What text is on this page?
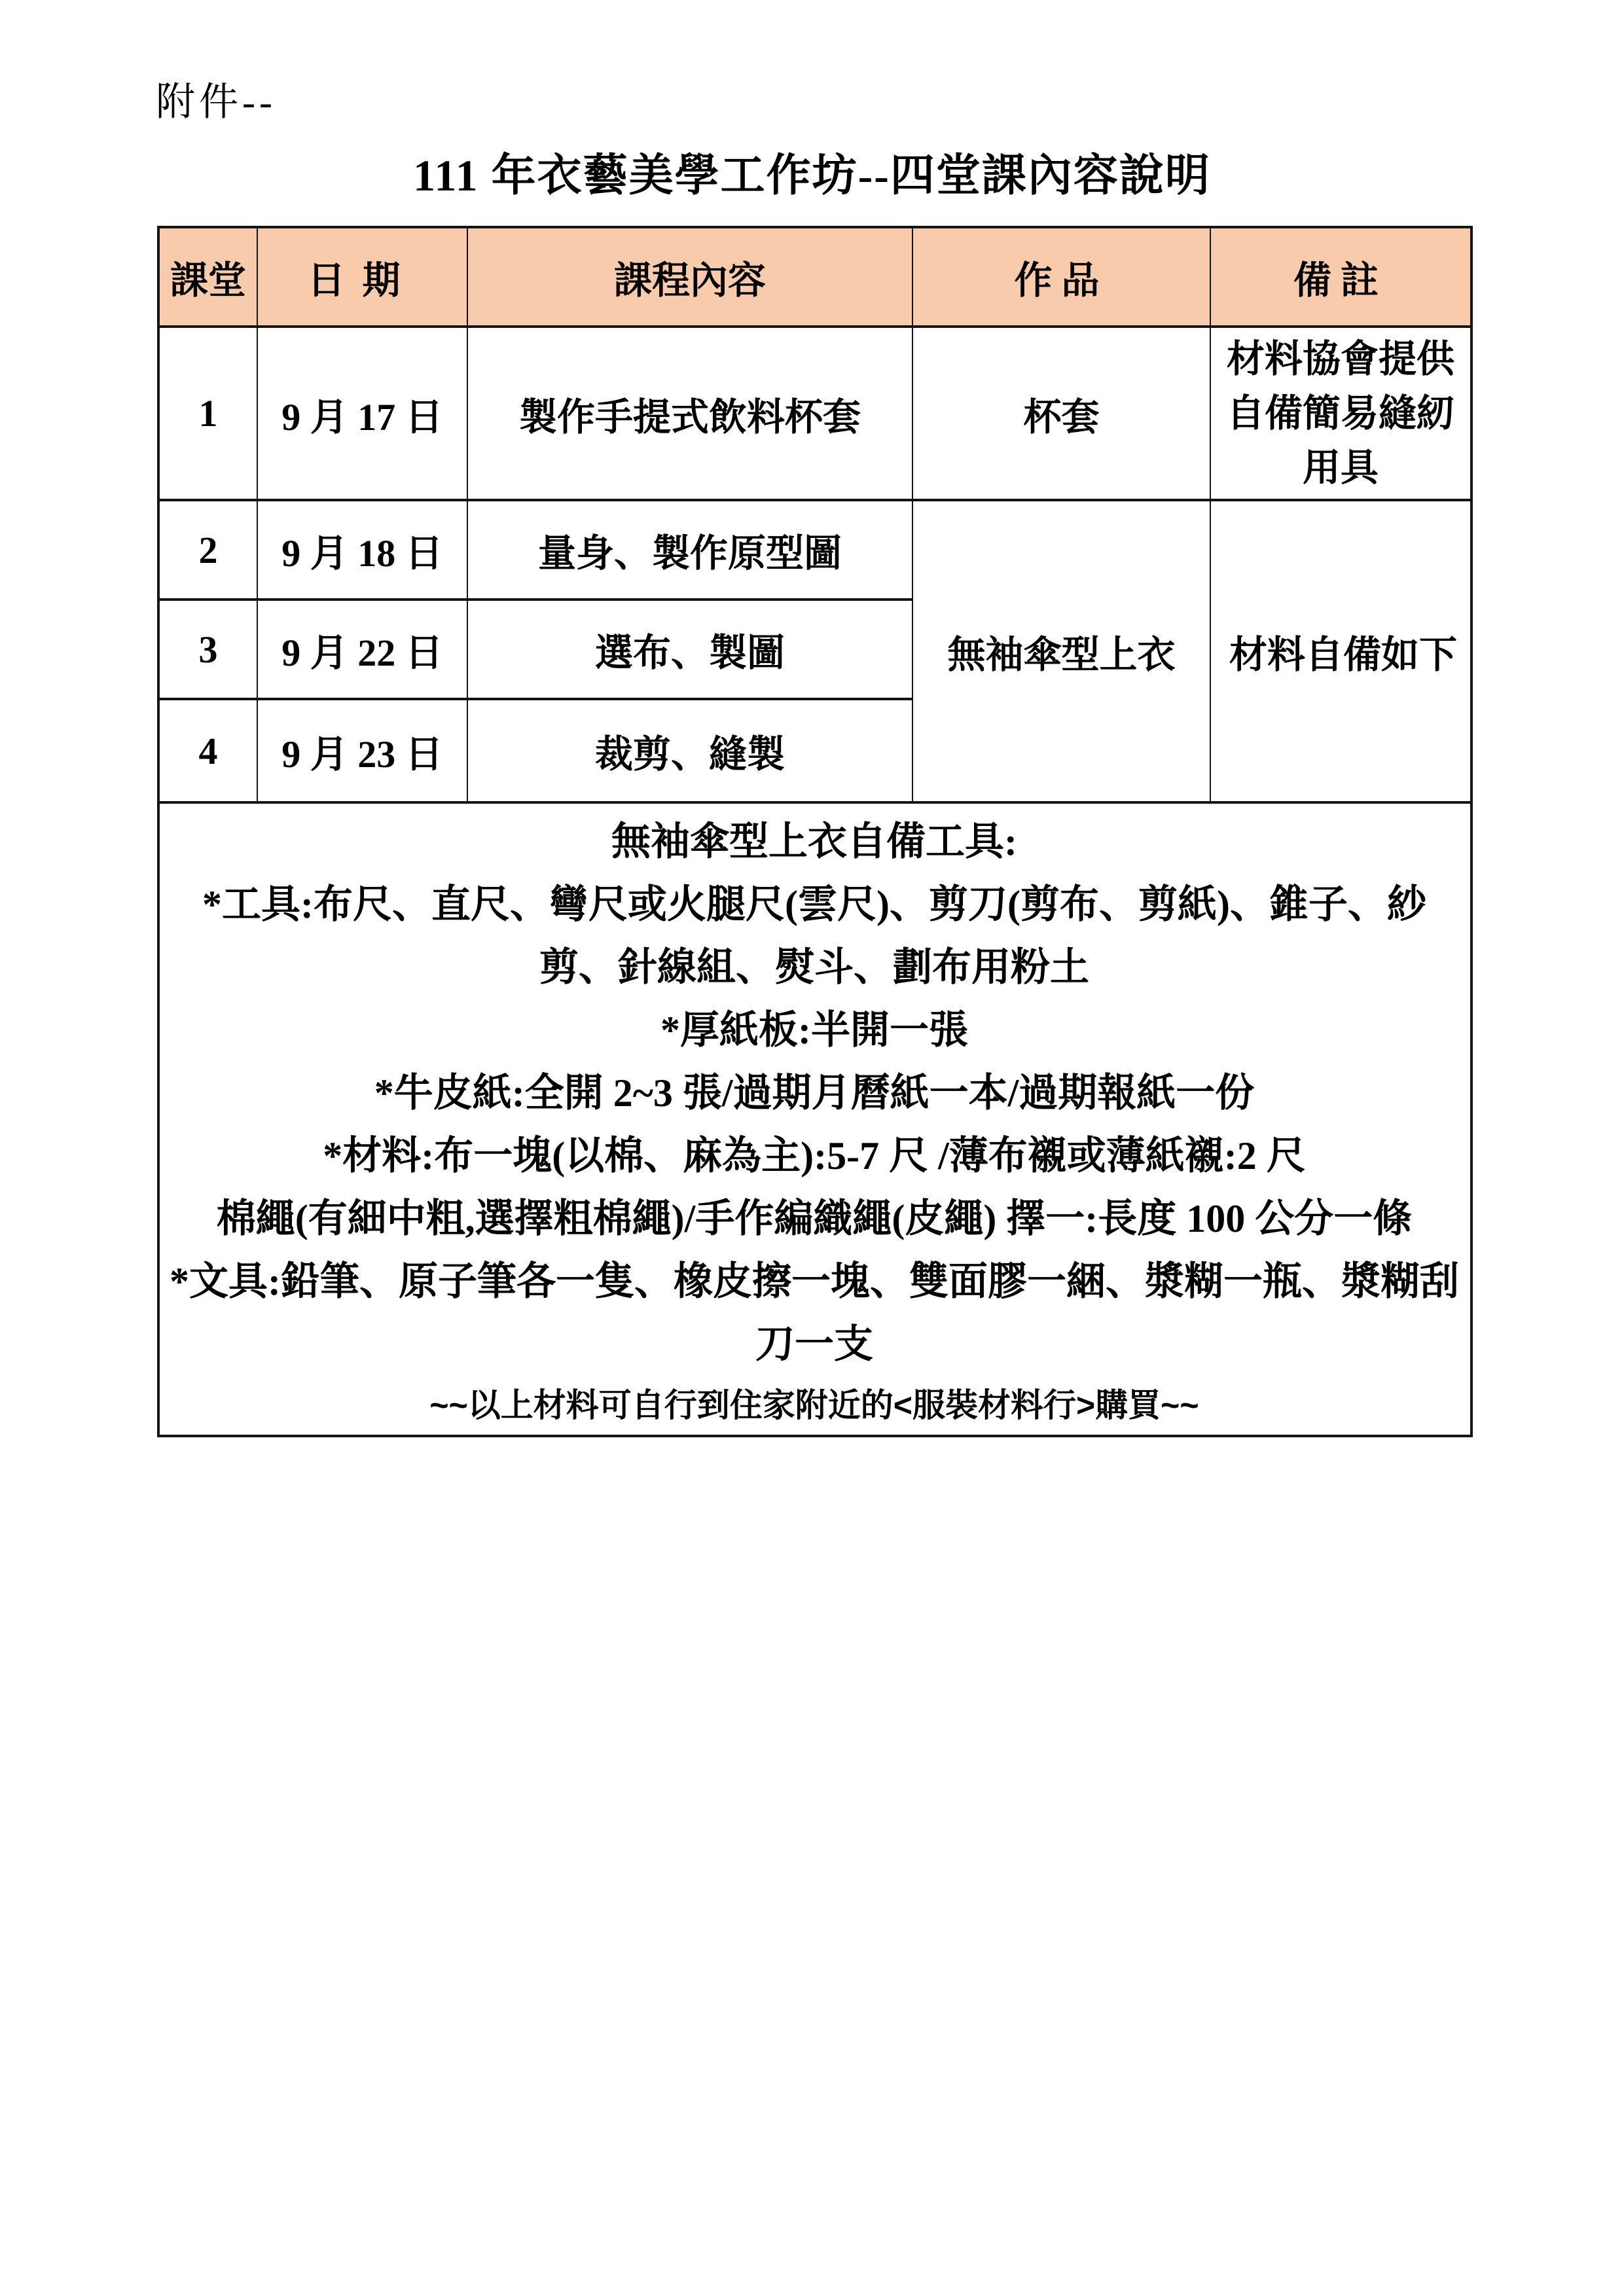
附件--
111 年衣藝美學工作坊--四堂課內容說明
課堂	日期	課程內容	作品	備註
1	9 月 17 日	製作手提式飲料杯套	杯套	材料協會提供自備簡易縫紉用具
2	9 月 18 日	量身、製作原型圖	無袖傘型上衣	材料自備如下
3	9 月 22 日	選布、製圖		
4	9 月 23 日	裁剪、縫製		

無袖傘型上衣自備工具:
*工具:布尺、直尺、彎尺或火腿尺(雲尺)、剪刀(剪布、剪紙)、錐子、紗
剪、針線組、熨斗、劃布用粉土
*厚紙板:半開一張
*牛皮紙:全開 2~3 張/過期月曆紙一本/過期報紙一份
*材料:布一塊(以棉、麻為主):5-7 尺 /薄布襯或薄紙襯:2 尺
棉繩(有細中粗,選擇粗棉繩)/手作編織繩(皮繩) 擇一:長度 100 公分一條
*文具:鉛筆、原子筆各一隻、橡皮擦一塊、雙面膠一綑、漿糊一瓶、漿糊刮
刀一支
~~以上材料可自行到住家附近的<服裝材料行>購買~~
